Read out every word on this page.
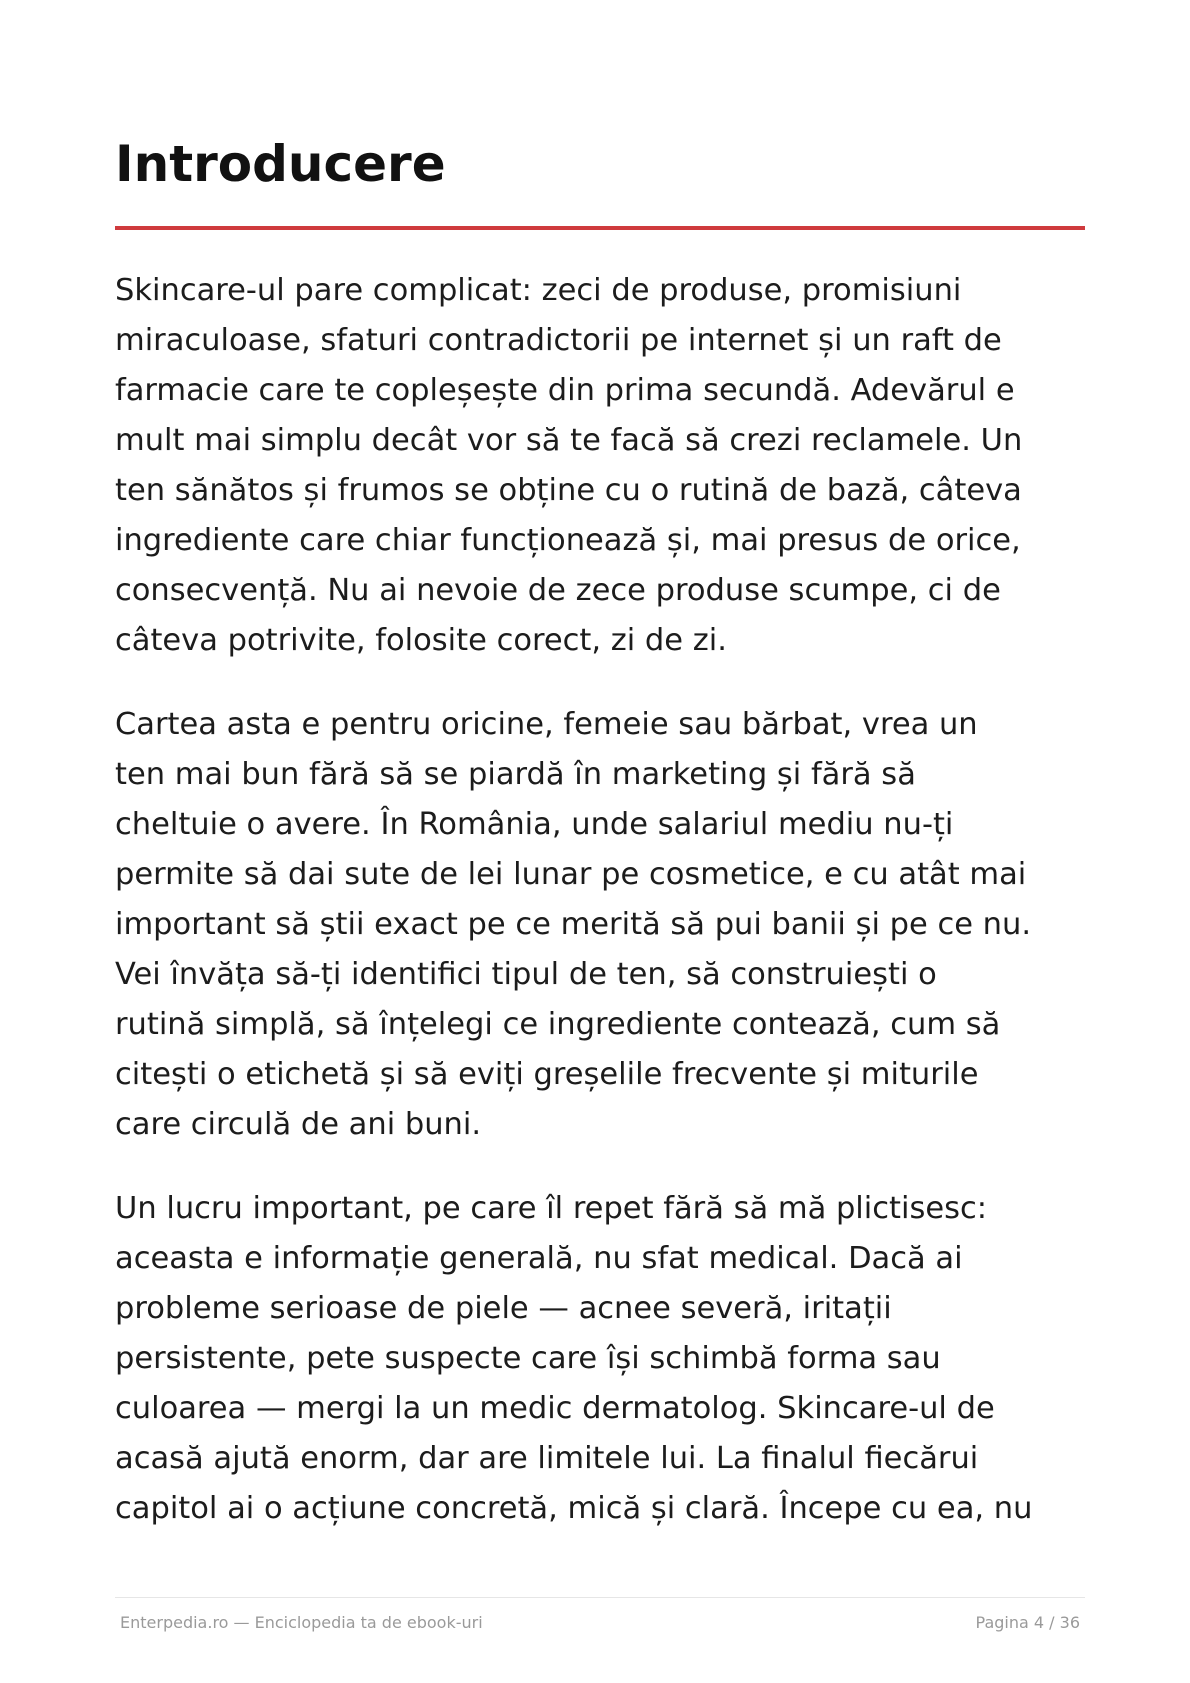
Introducere

Skincare-ul pare complicat: zeci de produse, promisiuni
miraculoase, sfaturi contradictorii pe internet și un raft de
farmacie care te copleșește din prima secundă. Adevărul e
mult mai simplu decât vor să te facă să crezi reclamele. Un
ten sănătos și frumos se obține cu o rutină de bază, câteva
ingrediente care chiar funcționează și, mai presus de orice,
consecvență. Nu ai nevoie de zece produse scumpe, ci de
câteva potrivite, folosite corect, zi de zi.

Cartea asta e pentru oricine, femeie sau bărbat, vrea un
ten mai bun fără să se piardă în marketing și fără să
cheltuie o avere. În România, unde salariul mediu nu-ți
permite să dai sute de lei lunar pe cosmetice, e cu atât mai
important să știi exact pe ce merită să pui banii și pe ce nu.
Vei învăța să-ți identifici tipul de ten, să construiești o
rutină simplă, să înțelegi ce ingrediente contează, cum să
citești o etichetă și să eviți greșelile frecvente și miturile
care circulă de ani buni.

Un lucru important, pe care îl repet fără să mă plictisesc:
aceasta e informație generală, nu sfat medical. Dacă ai
probleme serioase de piele — acnee severă, iritații
persistente, pete suspecte care își schimbă forma sau
culoarea — mergi la un medic dermatolog. Skincare-ul de
acasă ajută enorm, dar are limitele lui. La finalul fiecărui
capitol ai o acțiune concretă, mică și clară. Începe cu ea, nu

Enterpedia.ro — Enciclopedia ta de ebook-uri	Pagina 4 / 36
